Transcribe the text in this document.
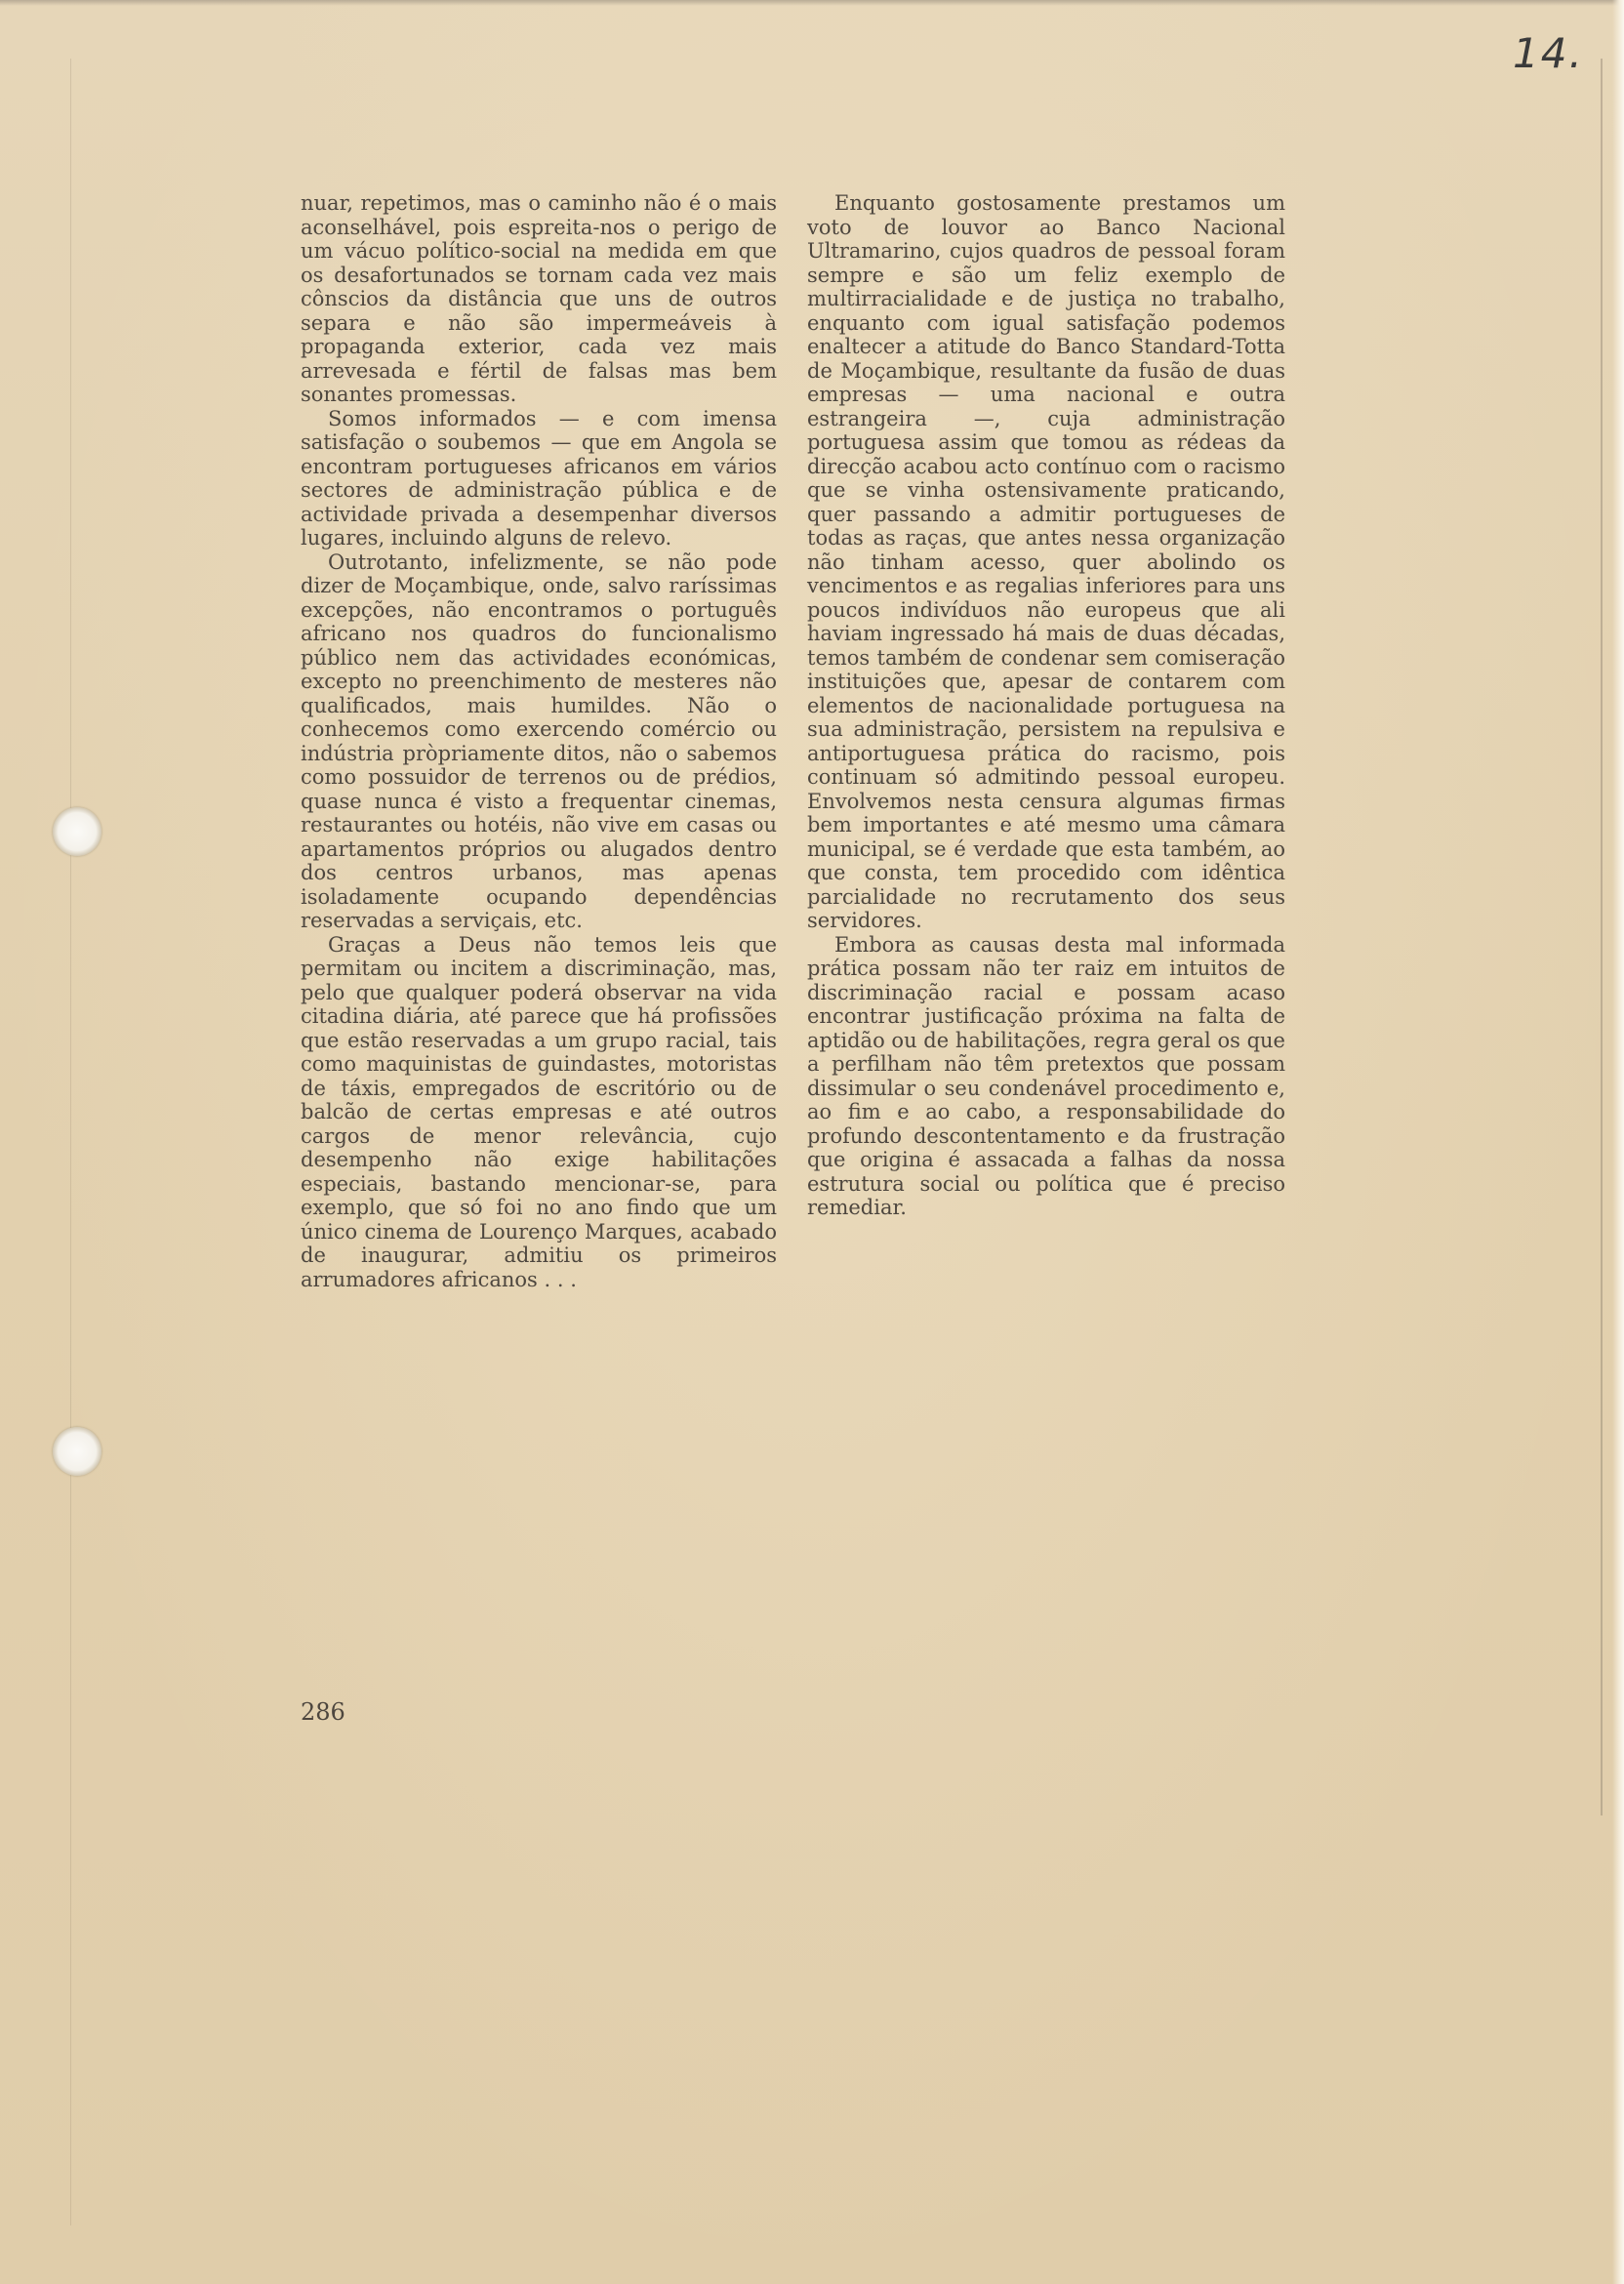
14.

nuar, repetimos, mas o caminho não é o mais aconselhável, pois espreita-nos o perigo de um vácuo político-social na medida em que os desafortunados se tornam cada vez mais cônscios da distância que uns de outros separa e não são impermeáveis à propaganda exterior, cada vez mais arrevesada e fértil de falsas mas bem sonantes promessas.

Somos informados — e com imensa satisfação o soubemos — que em Angola se encontram portugueses africanos em vários sectores de administração pública e de actividade privada a desempenhar diversos lugares, incluindo alguns de relevo.

Outrotanto, infelizmente, se não pode dizer de Moçambique, onde, salvo raríssimas excepções, não encontramos o português africano nos quadros do funcionalismo público nem das actividades económicas, excepto no preenchimento de mesteres não qualificados, mais humildes. Não o conhecemos como exercendo comércio ou indústria pròpriamente ditos, não o sabemos como possuidor de terrenos ou de prédios, quase nunca é visto a frequentar cinemas, restaurantes ou hotéis, não vive em casas ou apartamentos próprios ou alugados dentro dos centros urbanos, mas apenas isoladamente ocupando dependências reservadas a serviçais, etc.

Graças a Deus não temos leis que permitam ou incitem a discriminação, mas, pelo que qualquer poderá observar na vida citadina diária, até parece que há profissões que estão reservadas a um grupo racial, tais como maquinistas de guindastes, motoristas de táxis, empregados de escritório ou de balcão de certas empresas e até outros cargos de menor relevância, cujo desempenho não exige habilitações especiais, bastando mencionar-se, para exemplo, que só foi no ano findo que um único cinema de Lourenço Marques, acabado de inaugurar, admitiu os primeiros arrumadores africanos . . .

Enquanto gostosamente prestamos um voto de louvor ao Banco Nacional Ultramarino, cujos quadros de pessoal foram sempre e são um feliz exemplo de multirracialidade e de justiça no trabalho, enquanto com igual satisfação podemos enaltecer a atitude do Banco Standard-Totta de Moçambique, resultante da fusão de duas empresas — uma nacional e outra estrangeira —, cuja administração portuguesa assim que tomou as rédeas da direcção acabou acto contínuo com o racismo que se vinha ostensivamente praticando, quer passando a admitir portugueses de todas as raças, que antes nessa organização não tinham acesso, quer abolindo os vencimentos e as regalias inferiores para uns poucos indivíduos não europeus que ali haviam ingressado há mais de duas décadas, temos também de condenar sem comiseração instituições que, apesar de contarem com elementos de nacionalidade portuguesa na sua administração, persistem na repulsiva e antiportuguesa prática do racismo, pois continuam só admitindo pessoal europeu. Envolvemos nesta censura algumas firmas bem importantes e até mesmo uma câmara municipal, se é verdade que esta também, ao que consta, tem procedido com idêntica parcialidade no recrutamento dos seus servidores.

Embora as causas desta mal informada prática possam não ter raiz em intuitos de discriminação racial e possam acaso encontrar justificação próxima na falta de aptidão ou de habilitações, regra geral os que a perfilham não têm pretextos que possam dissimular o seu condenável procedimento e, ao fim e ao cabo, a responsabilidade do profundo descontentamento e da frustração que origina é assacada a falhas da nossa estrutura social ou política que é preciso remediar.

286
